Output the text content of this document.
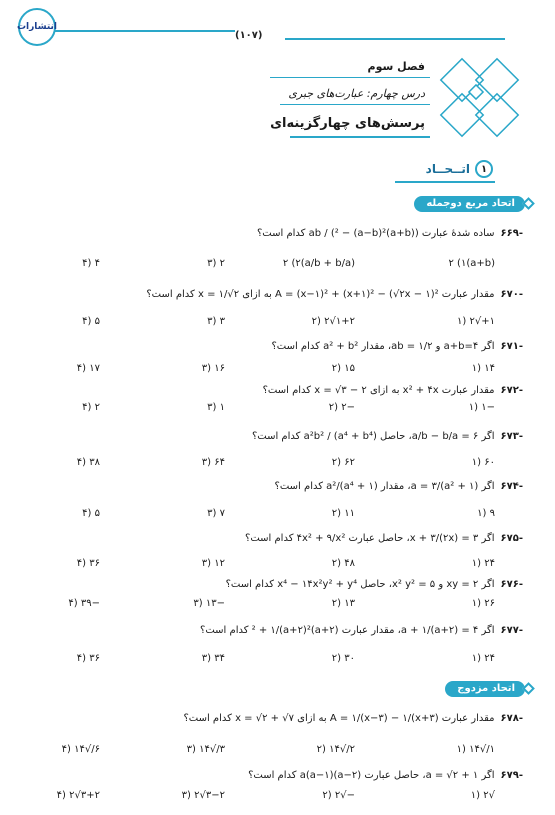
انتشارات
(۱۰۷)
فصل سوم
درس چهارم: عبارت‌های جبری
پرسش‌های چهارگزینه‌ای
اتــحــاد	۱
اتحاد مربع دوجمله
-۶۶۹ساده شدهٔ عبارت ((a+b)² − (a−b)²) / ab کدام است؟
(a+b)۲ (۱
(a/b + b/a)۲ (۲
۲ (۳
۴ (۴
-۶۷۰مقدار عبارت A = (x−۱)² + (x+۱)² − (√۲x − ۱)² به ازای x = ۱/√۲ کدام است؟
۱+√۲ (۱
۱+۲√۲ (۲
۳ (۳
۵ (۴
-۶۷۱اگر a+b=۴ و ab = ۱/۲، مقدار a² + b² کدام است؟
۱۴ (۱
۱۵ (۲
۱۶ (۳
۱۷ (۴
-۶۷۲مقدار عبارت x² + ۴x به ازای x = √۳ − ۲ کدام است؟
−۱ (۱
−۲ (۲
۱ (۳
۲ (۴
-۶۷۳اگر a/b − b/a = ۶، حاصل (a⁴ + b⁴) / a²b² کدام است؟
۶۰ (۱
۶۲ (۲
۶۴ (۳
۳۸ (۴
-۶۷۴اگر (a² + ۱)/a = ۳، مقدار (a⁴ + ۱)/a² کدام است؟
۹ (۱
۱۱ (۲
۷ (۳
۵ (۴
-۶۷۵اگر x + ۳/(۲x) = ۳، حاصل عبارت ۴x² + ۹/x² کدام است؟
۲۴ (۱
۴۸ (۲
۱۲ (۳
۳۶ (۴
-۶۷۶اگر xy = ۲ و x² y² = ۵، حاصل x⁴ − ۱۴x²y² + y⁴ کدام است؟
۲۶ (۱
۱۳ (۲
−۱۳ (۳
−۳۹ (۴
-۶۷۷اگر a + ۱/(a+۲) = ۴، مقدار عبارت (a+۲)² + ۱/(a+۲)² کدام است؟
۲۴ (۱
۳۰ (۲
۳۴ (۳
۳۶ (۴
اتحاد مزدوج
-۶۷۸مقدار عبارت A = ۱/(x−۳) − ۱/(x+۳) به ازای x = √۲ + √۷ کدام است؟
۱/√۱۴ (۱
۲/√۱۴ (۲
۳/√۱۴ (۳
۶/√۱۴ (۴
-۶۷۹اگر a = √۲ + ۱، حاصل عبارت a(a−۱)(a−۲) کدام است؟
√۲ (۱
−√۲ (۲
۳−۲√۲ (۳
۳+۲√۲ (۴
